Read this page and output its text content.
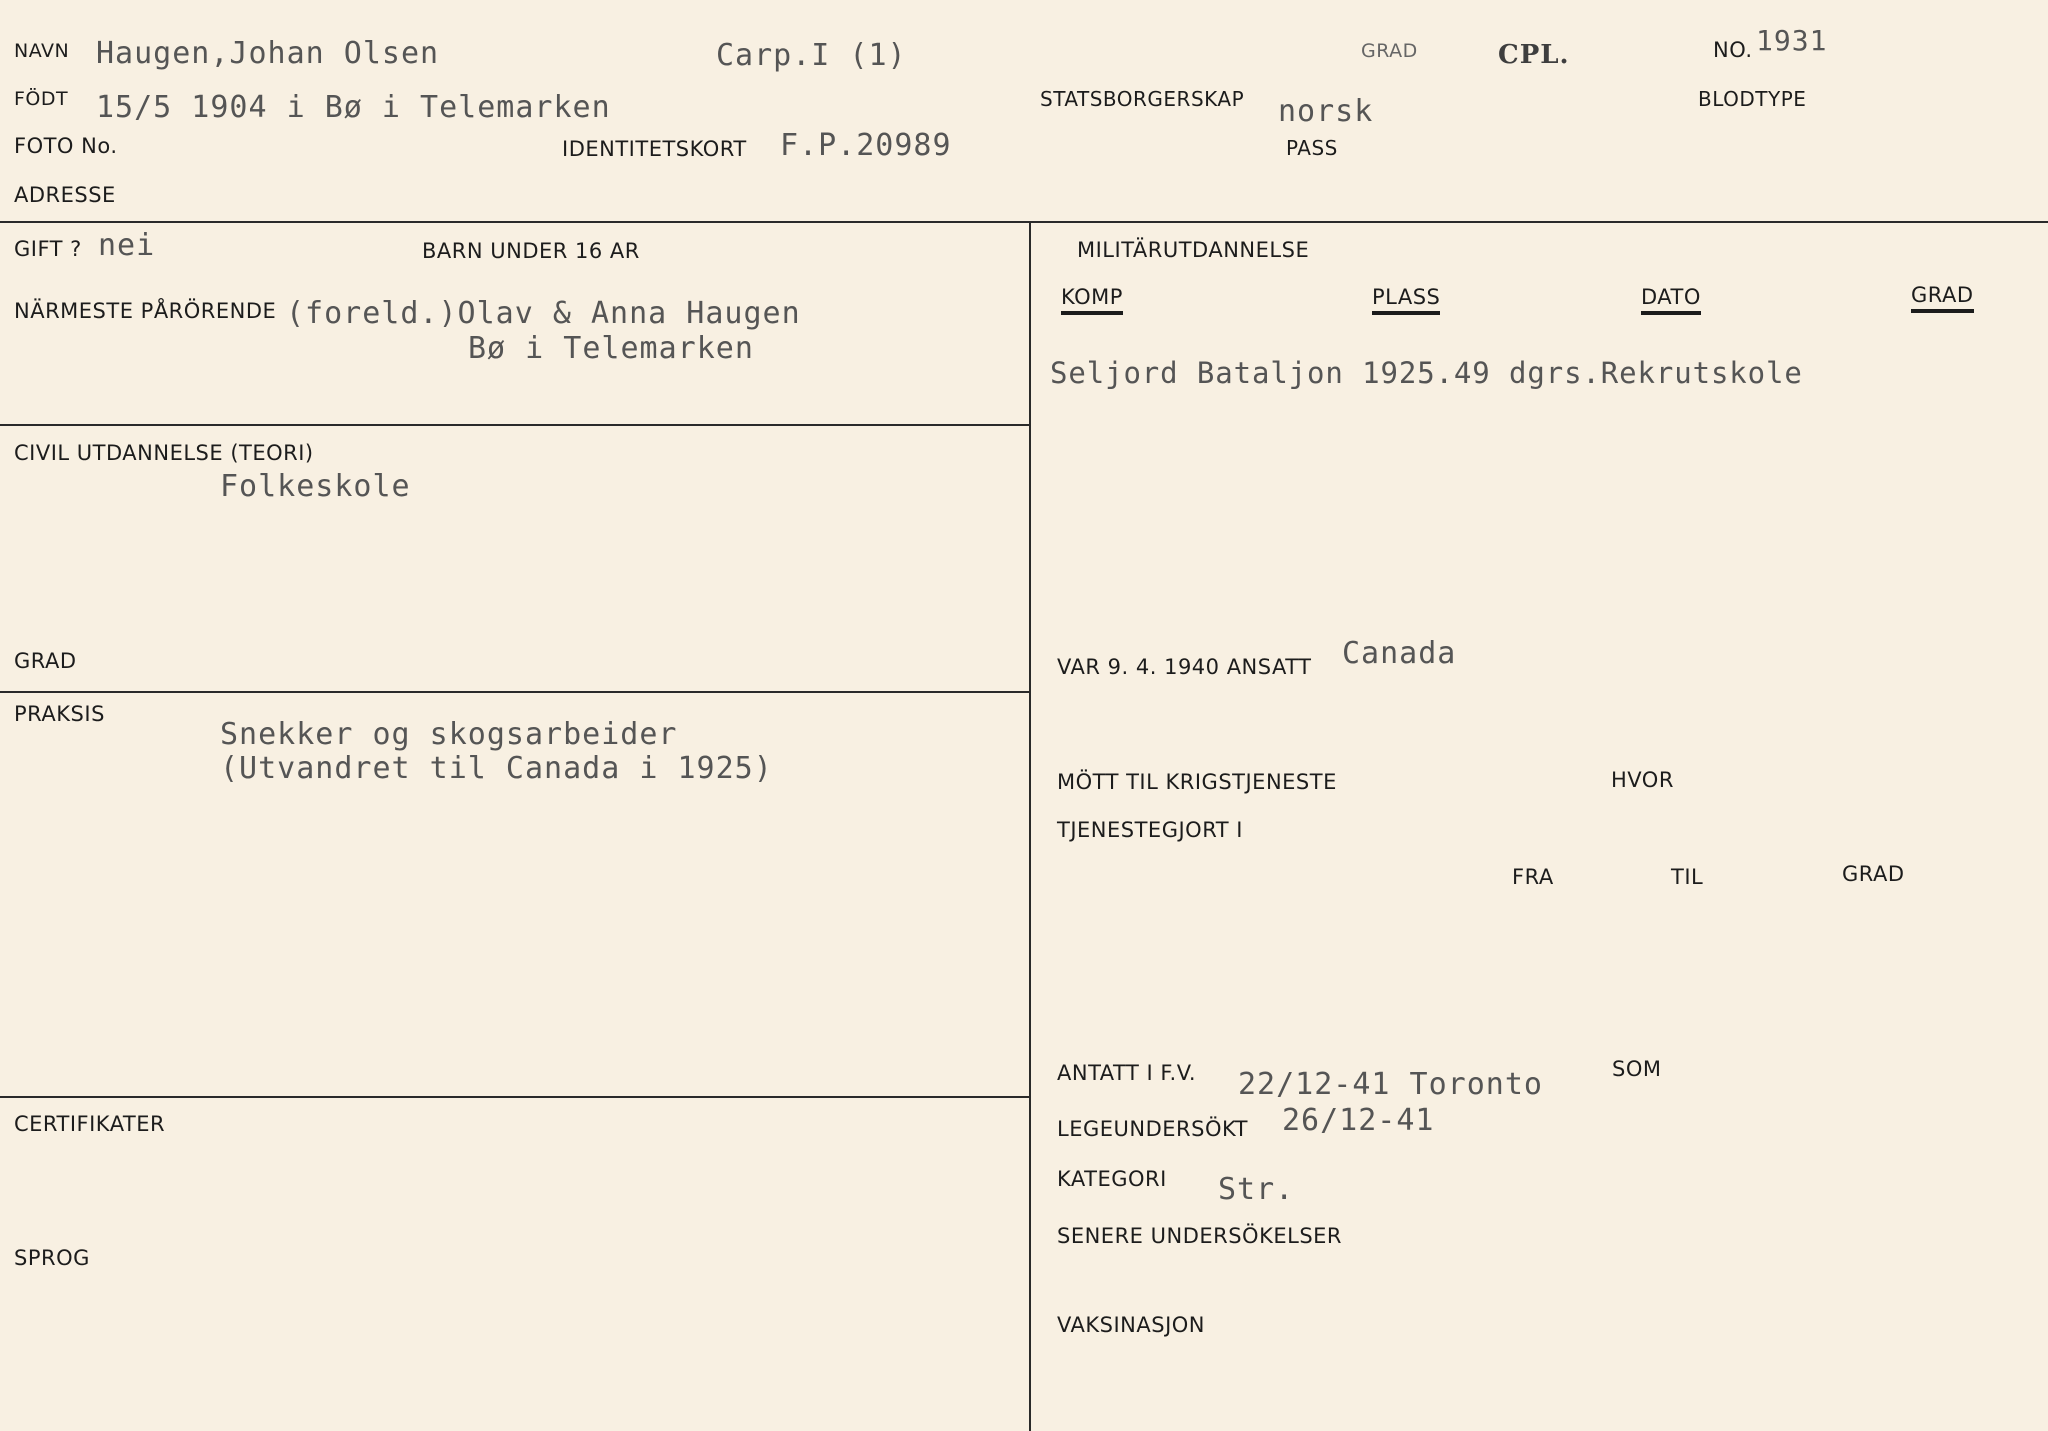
NAVN Haugen,Johan Olsen	Carp.I (1)	GRAD	CPL.	NO. 1931
FÖDT 15/5 1904 i Bø i Telemarken	STATSBORGERSKAP norsk	BLODTYPE
FOTO No.	IDENTITETSKORT F.P.20989	PASS
ADRESSE
GIFT ? nei	BARN UNDER 16 AR
NÄRMESTE PÅRÖRENDE (foreld.)Olav & Anna Haugen
Bø i Telemarken
CIVIL UTDANNELSE (TEORI)
Folkeskole
GRAD
PRAKSIS
Snekker og skogsarbeider
(Utvandret til Canada i 1925)
CERTIFIKATER
SPROG
MILITÄRUTDANNELSE
KOMP	PLASS	DATO	GRAD
Seljord Bataljon 1925.49 dgrs.Rekrutskole
VAR 9. 4. 1940 ANSATT Canada
MÖTT TIL KRIGSTJENESTE	HVOR
TJENESTEGJORT I
FRA	TIL	GRAD
ANTATT I F.V. 22/12-41 Toronto	SOM
LEGEUNDERSÖKT 26/12-41
KATEGORI Str.
SENERE UNDERSÖKELSER
VAKSINASJON
